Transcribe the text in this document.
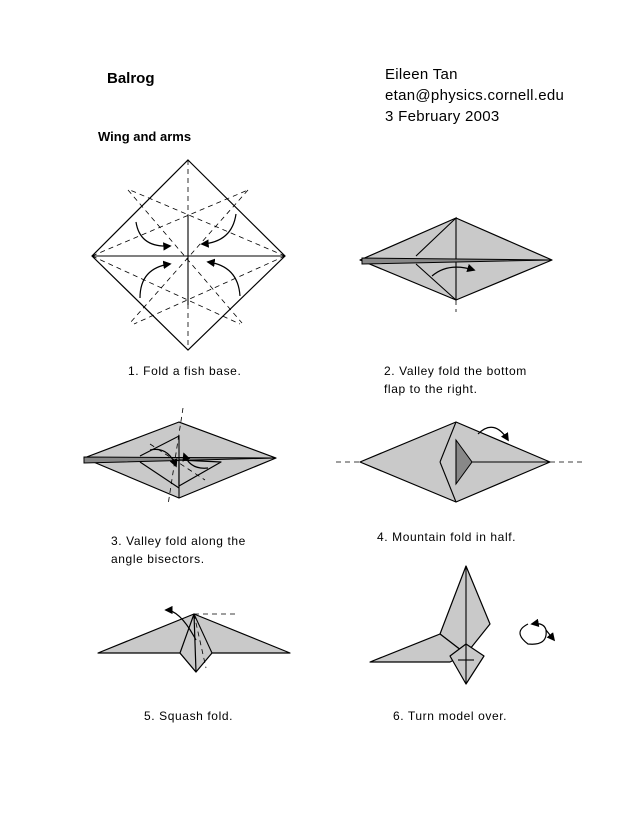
Balrog	Eileen Tan
etan@physics.cornell.edu
3 February 2003
Wing and arms
1. Fold a fish base.	2. Valley fold the bottom
flap to the right.
3. Valley fold along the
angle bisectors.
4. Mountain fold in half.
5. Squash fold.	6. Turn model over.
